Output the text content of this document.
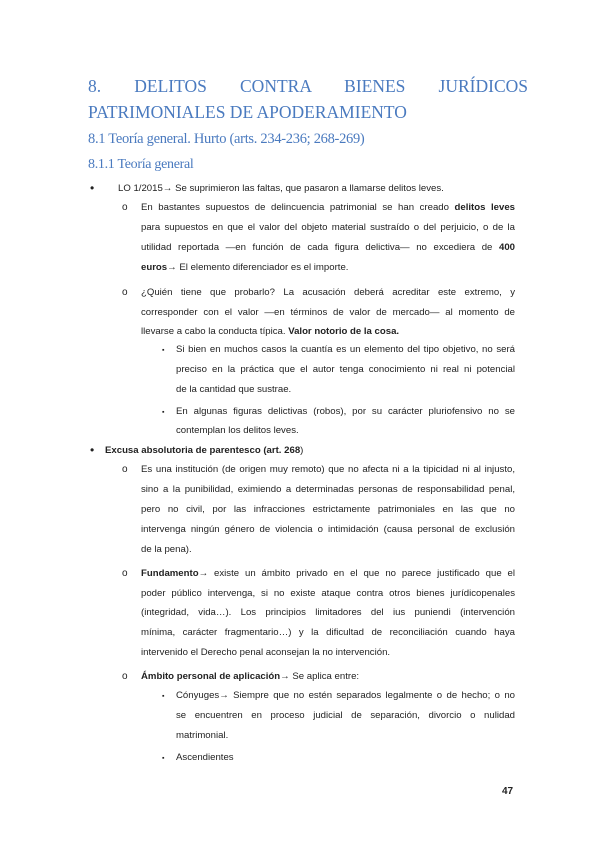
8. DELITOS CONTRA BIENES JURÍDICOS PATRIMONIALES DE APODERAMIENTO
8.1 Teoría general. Hurto (arts. 234-236; 268-269)
8.1.1 Teoría general
• LO 1/2015→ Se suprimieron las faltas, que pasaron a llamarse delitos leves.
o En bastantes supuestos de delincuencia patrimonial se han creado delitos leves
para supuestos en que el valor del objeto material sustraído o del perjuicio, o de la
utilidad reportada —en función de cada figura delictiva— no excediera de 400
euros→ El elemento diferenciador es el importe.
o ¿Quién tiene que probarlo? La acusación deberá acreditar este extremo, y
corresponder con el valor —en términos de valor de mercado— al momento de
llevarse a cabo la conducta típica. Valor notorio de la cosa.
▪ Si bien en muchos casos la cuantía es un elemento del tipo objetivo, no será
preciso en la práctica que el autor tenga conocimiento ni real ni potencial
de la cantidad que sustrae.
▪ En algunas figuras delictivas (robos), por su carácter pluriofensivo no se
contemplan los delitos leves.
• Excusa absolutoria de parentesco (art. 268)
o Es una institución (de origen muy remoto) que no afecta ni a la tipicidad ni al injusto,
sino a la punibilidad, eximiendo a determinadas personas de responsabilidad penal,
pero no civil, por las infracciones estrictamente patrimoniales en las que no
intervenga ningún género de violencia o intimidación (causa personal de exclusión
de la pena).
o Fundamento→ existe un ámbito privado en el que no parece justificado que el
poder público intervenga, si no existe ataque contra otros bienes jurídicopenales
(integridad, vida…). Los principios limitadores del ius puniendi (intervención
mínima, carácter fragmentario…) y la dificultad de reconciliación cuando haya
intervenido el Derecho penal aconsejan la no intervención.
o Ámbito personal de aplicación→ Se aplica entre:
▪ Cónyuges→ Siempre que no estén separados legalmente o de hecho; o no
se encuentren en proceso judicial de separación, divorcio o nulidad
matrimonial.
▪ Ascendientes
47
